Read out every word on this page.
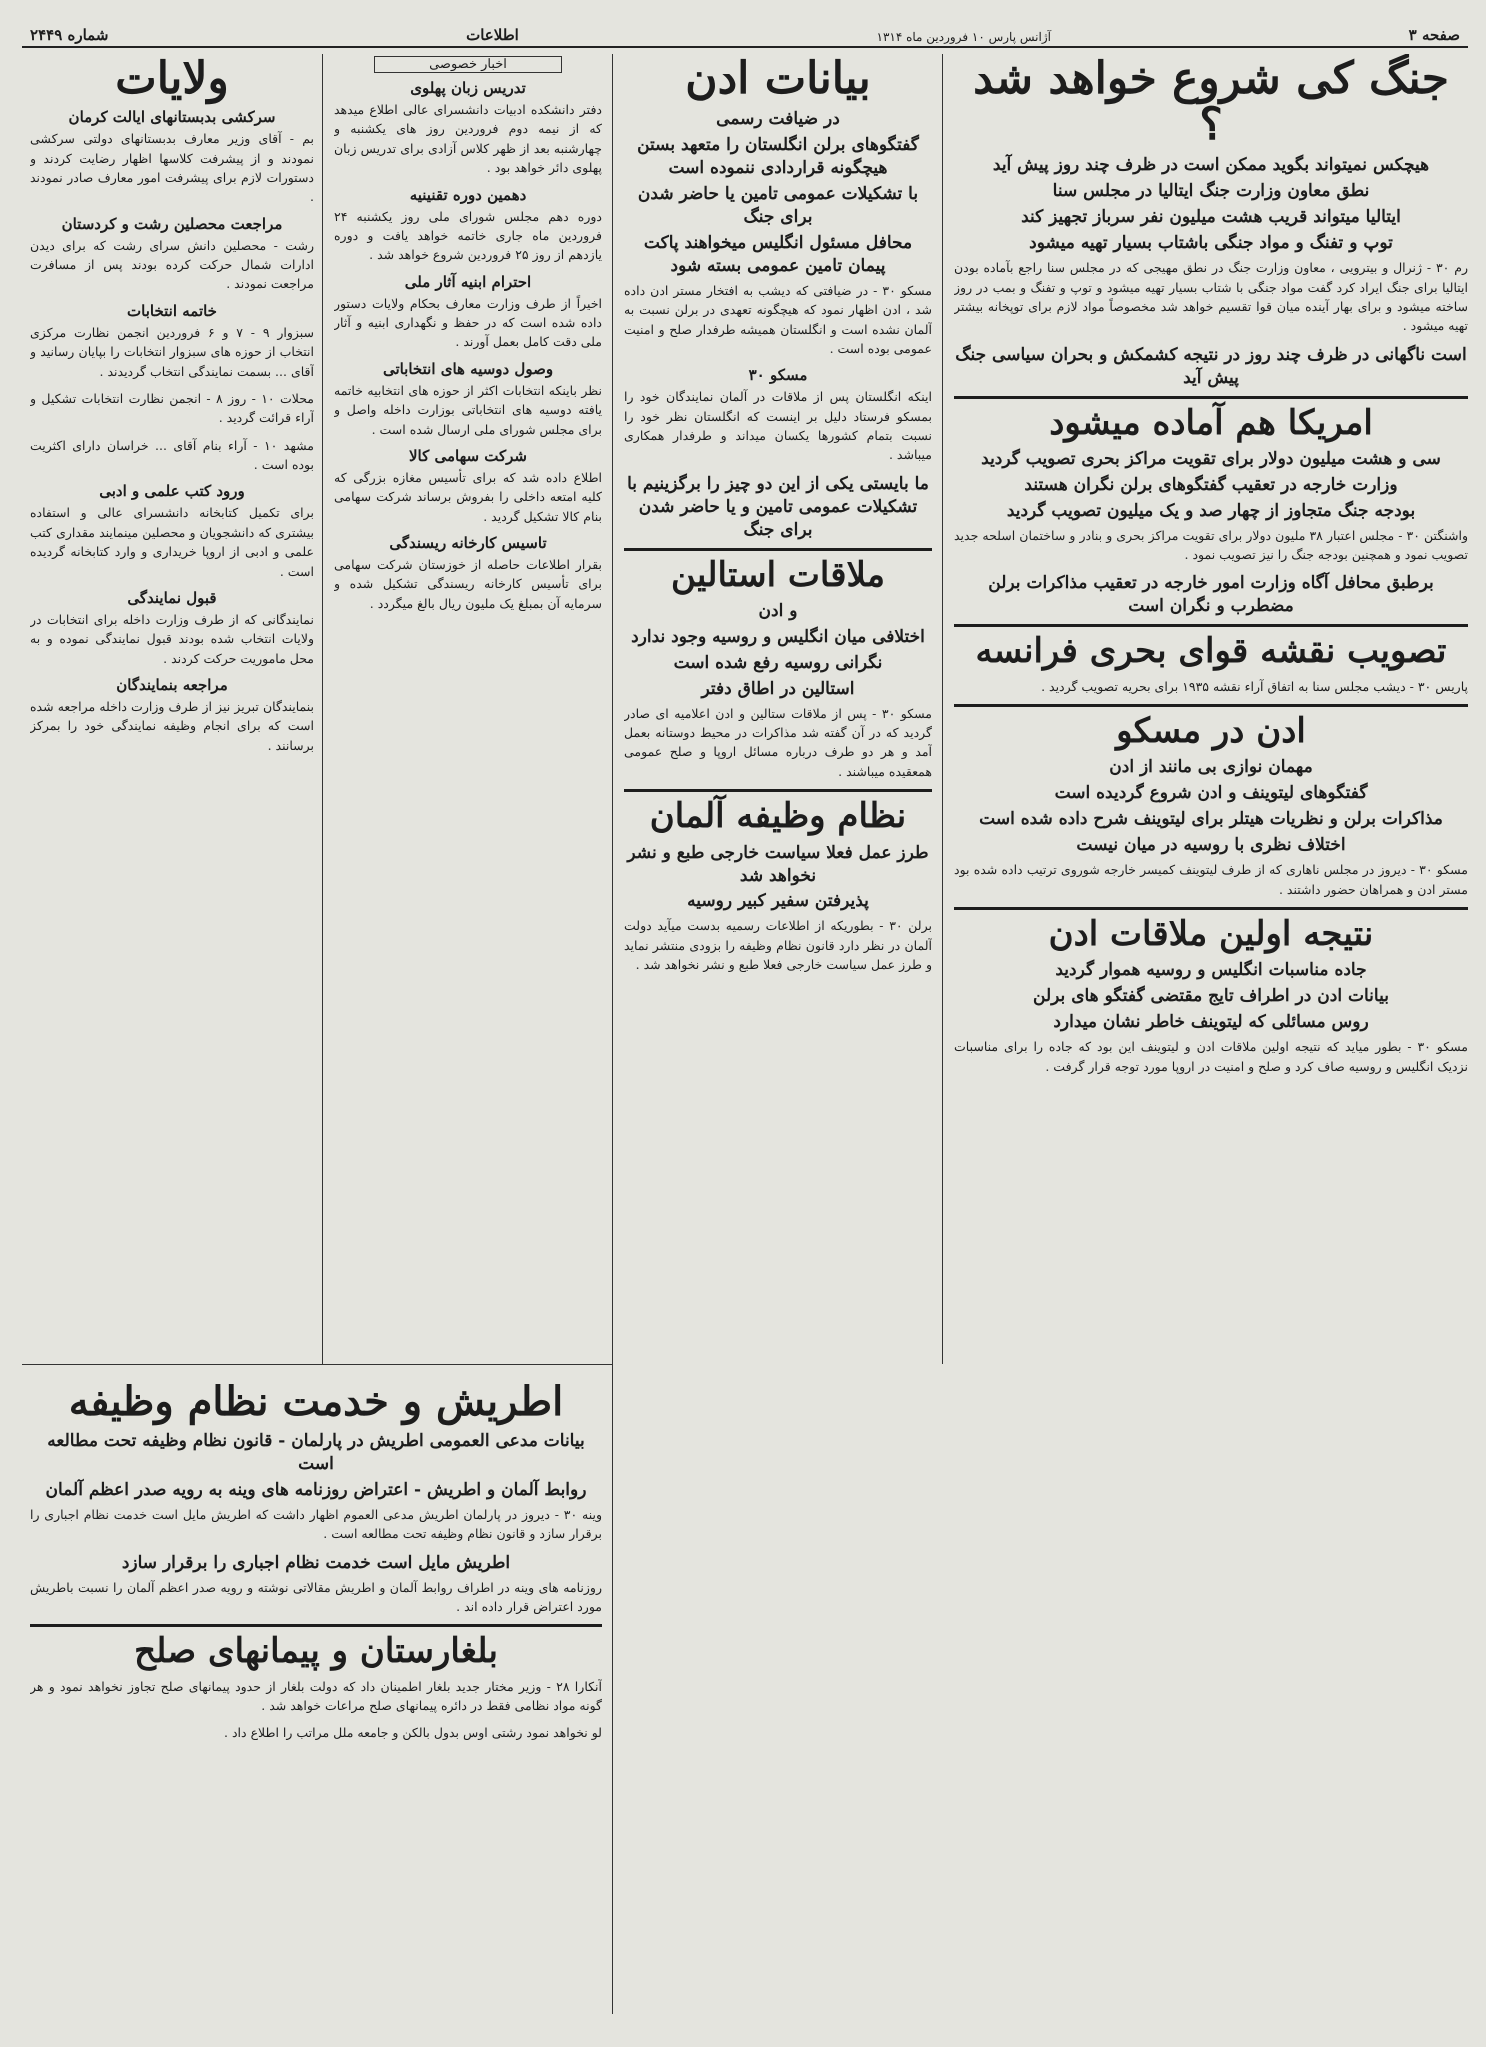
صفحه ۳
آژانس پارس ۱۰ فروردین ماه ۱۳۱۴
اطلاعات
شماره ۲۴۴۹
جنگ کی شروع خواهد شد ؟
هیچکس نمیتواند بگوید ممکن است در ظرف چند روز پیش آید
نطق معاون وزارت جنگ ایتالیا در مجلس سنا
ایتالیا میتواند قریب هشت میلیون نفر سرباز تجهیز کند
توپ و تفنگ و مواد جنگی باشتاب بسیار تهیه میشود

رم ۳۰ - ژنرال و بیترویی ، معاون وزارت جنگ در نطق مهیجی که در مجلس سنا راجع بآماده بودن ایتالیا برای جنگ ایراد کرد گفت مواد جنگی با شتاب بسیار تهیه میشود و توپ و تفنگ و بمب در روز ساخته میشود و برای بهار آینده میان قوا تقسیم خواهد شد مخصوصاً مواد لازم برای توپخانه بیشتر تهیه میشود .

است ناگهانی در ظرف چند روز در نتیجه کشمکش و بحران سیاسی جنگ پیش آید
امریکا هم آماده میشود
سی و هشت میلیون دولار برای تقویت مراکز بحری تصویب گردید
وزارت خارجه در تعقیب گفتگوهای برلن نگران هستند
بودجه جنگ متجاوز از چهار صد و یک میلیون تصویب گردید

واشنگتن ۳۰ - مجلس اعتبار ۳۸ ملیون دولار برای تقویت مراکز بحری و بنادر و ساختمان اسلحه جدید تصویب نمود و همچنین بودجه جنگ را نیز تصویب نمود .

برطبق محافل آگاه وزارت امور خارجه در تعقیب مذاکرات برلن مضطرب و نگران است
تصویب نقشه قوای بحری فرانسه

پاریس ۳۰ - دیشب مجلس سنا به اتفاق آراء نقشه ۱۹۳۵ برای بحریه تصویب گردید .

ادن در مسکو
مهمان نوازی بی مانند از ادن
گفتگوهای لیتوینف و ادن شروع گردیده است
مذاکرات برلن و نظریات هیتلر برای لیتوینف شرح داده شده است
اختلاف نظری با روسیه در میان نیست

مسکو ۳۰ - دیروز در مجلس ناهاری که از طرف لیتوینف کمیسر خارجه شوروی ترتیب داده شده بود مستر ادن و همراهان حضور داشتند .

نتیجه اولین ملاقات ادن
جاده مناسبات انگلیس و روسیه هموار گردید
بیانات ادن در اطراف تایج مقتضی گفتگو های برلن
روس مسائلی که لیتوینف خاطر نشان میدارد

مسکو ۳۰ - بطور میاید که نتیجه اولین ملاقات ادن و لیتوینف این بود که جاده را برای مناسبات نزدیک انگلیس و روسیه صاف کرد و صلح و امنیت در اروپا مورد توجه قرار گرفت .

بیانات ادن
در ضیافت رسمی
گفتگوهای برلن انگلستان را متعهد بستن هیچگونه قراردادی ننموده است
با تشکیلات عمومی تامین یا حاضر شدن برای جنگ
محافل مسئول انگلیس میخواهند پاکت پیمان تامین عمومی بسته شود

مسکو ۳۰ - در ضیافتی که دیشب به افتخار مستر ادن داده شد ، ادن اظهار نمود که هیچگونه تعهدی در برلن نسبت به آلمان نشده است و انگلستان همیشه طرفدار صلح و امنیت عمومی بوده است .

مسکو ۳۰

اینکه انگلستان پس از ملاقات در آلمان نمایندگان خود را بمسکو فرستاد دلیل بر اینست که انگلستان نظر خود را نسبت بتمام کشورها یکسان میداند و طرفدار همکاری میباشد .

ما بایستی یکی از این دو چیز را برگزینیم با تشکیلات عمومی تامین و یا حاضر شدن برای جنگ
ملاقات استالین
و ادن
اختلافی میان انگلیس و روسیه وجود ندارد
نگرانی روسیه رفع شده است
استالین در اطاق دفتر

مسکو ۳۰ - پس از ملاقات ستالین و ادن اعلامیه ای صادر گردید که در آن گفته شد مذاکرات در محیط دوستانه بعمل آمد و هر دو طرف درباره مسائل اروپا و صلح عمومی همعقیده میباشند .

نظام وظیفه آلمان
طرز عمل فعلا سیاست خارجی طبع و نشر نخواهد شد
پذیرفتن سفیر کبیر روسیه

برلن ۳۰ - بطوریکه از اطلاعات رسمیه بدست میآید دولت آلمان در نظر دارد قانون نظام وظیفه را بزودی منتشر نماید و طرز عمل سیاست خارجی فعلا طبع و نشر نخواهد شد .

اخبار خصوصی
تدریس زبان پهلوی

دفتر دانشکده ادبیات دانشسرای عالی اطلاع میدهد که از نیمه دوم فروردین روز های یکشنبه و چهارشنبه بعد از ظهر کلاس آزادی برای تدریس زبان پهلوی دائر خواهد بود .

دهمین دوره تقنینیه

دوره دهم مجلس شورای ملی روز یکشنبه ۲۴ فروردین ماه جاری خاتمه خواهد یافت و دوره یازدهم از روز ۲۵ فروردین شروع خواهد شد .

احترام ابنیه آثار ملی

اخیراً از طرف وزارت معارف بحکام ولایات دستور داده شده است که در حفظ و نگهداری ابنیه و آثار ملی دقت کامل بعمل آورند .

وصول دوسیه های انتخاباتی

نظر باینکه انتخابات اکثر از حوزه های انتخابیه خاتمه یافته دوسیه های انتخاباتی بوزارت داخله واصل و برای مجلس شورای ملی ارسال شده است .

شرکت سهامی کالا

اطلاع داده شد که برای تأسیس مغازه بزرگی که کلیه امتعه داخلی را بفروش برساند شرکت سهامی بنام کالا تشکیل گردید .

تاسیس کارخانه ریسندگی

بقرار اطلاعات حاصله از خوزستان شرکت سهامی برای تأسیس کارخانه ریسندگی تشکیل شده و سرمایه آن بمبلغ یک ملیون ریال بالغ میگردد .

ولایات
سرکشی بدبستانهای ایالت کرمان

بم - آقای وزیر معارف بدبستانهای دولتی سرکشی نمودند و از پیشرفت کلاسها اظهار رضایت کردند و دستورات لازم برای پیشرفت امور معارف صادر نمودند .

مراجعت محصلین رشت و کردستان

رشت - محصلین دانش سرای رشت که برای دیدن ادارات شمال حرکت کرده بودند پس از مسافرت مراجعت نمودند .

خاتمه انتخابات

سبزوار ۹ - ۷ و ۶ فروردین انجمن نظارت مرکزی انتخاب از حوزه های سبزوار انتخابات را بپایان رسانید و آقای ... بسمت نمایندگی انتخاب گردیدند .

محلات ۱۰ - روز ۸ - انجمن نظارت انتخابات تشکیل و آراء قرائت گردید .

مشهد ۱۰ - آراء بنام آقای ... خراسان دارای اکثریت بوده است .

ورود کتب علمی و ادبی

برای تکمیل کتابخانه دانشسرای عالی و استفاده بیشتری که دانشجویان و محصلین مینمایند مقداری کتب علمی و ادبی از اروپا خریداری و وارد کتابخانه گردیده است .

قبول نمایندگی

نمایندگانی که از طرف وزارت داخله برای انتخابات در ولایات انتخاب شده بودند قبول نمایندگی نموده و به محل ماموریت حرکت کردند .

مراجعه بنمایندگان

بنمایندگان تبریز نیز از طرف وزارت داخله مراجعه شده است که برای انجام وظیفه نمایندگی خود را بمرکز برسانند .

اطریش و خدمت نظام وظیفه
بیانات مدعی العمومی اطریش در پارلمان - قانون نظام وظیفه تحت مطالعه است
روابط آلمان و اطریش - اعتراض روزنامه های وینه به رویه صدر اعظم آلمان

وینه ۳۰ - دیروز در پارلمان اطریش مدعی العموم اظهار داشت که اطریش مایل است خدمت نظام اجباری را برقرار سازد و قانون نظام وظیفه تحت مطالعه است .

اطریش مایل است خدمت نظام اجباری را برقرار سازد

روزنامه های وینه در اطراف روابط آلمان و اطریش مقالاتی نوشته و رویه صدر اعظم آلمان را نسبت باطریش مورد اعتراض قرار داده اند .

بلغارستان و پیمانهای صلح

آنکارا ۲۸ - وزیر مختار جدید بلغار اطمینان داد که دولت بلغار از حدود پیمانهای صلح تجاوز نخواهد نمود و هر گونه مواد نظامی فقط در دائره پیمانهای صلح مراعات خواهد شد .

لو نخواهد نمود رشتی اوس بدول بالکن و جامعه ملل مراتب را اطلاع داد .
